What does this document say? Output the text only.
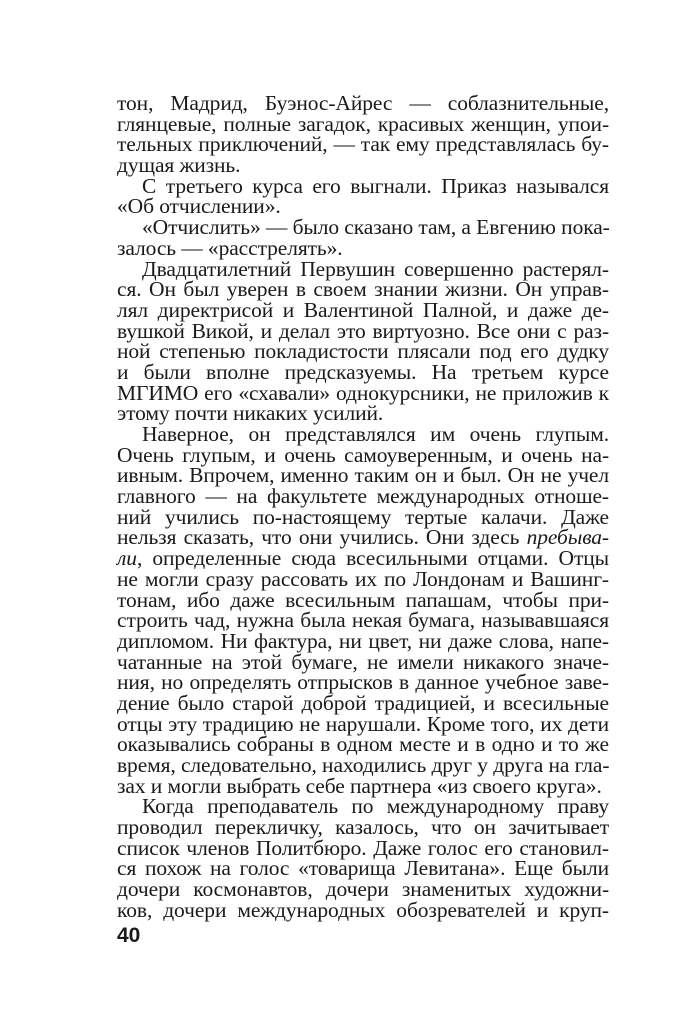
тон, Мадрид, Буэнос-Айрес — соблазнительные,
глянцевые, полные загадок, красивых женщин, упои-
тельных приключений, — так ему представлялась бу-
дущая жизнь.
С третьего курса его выгнали. Приказ назывался
«Об отчислении».
«Отчислить» — было сказано там, а Евгению пока-
залось — «расстрелять».
Двадцатилетний Первушин совершенно растерял-
ся. Он был уверен в своем знании жизни. Он управ-
лял директрисой и Валентиной Палной, и даже де-
вушкой Викой, и делал это виртуозно. Все они с раз-
ной степенью покладистости плясали под его дудку
и были вполне предсказуемы. На третьем курсе
МГИМО его «схавали» однокурсники, не приложив к
этому почти никаких усилий.
Наверное, он представлялся им очень глупым.
Очень глупым, и очень самоуверенным, и очень на-
ивным. Впрочем, именно таким он и был. Он не учел
главного — на факультете международных отноше-
ний учились по-настоящему тертые калачи. Даже
нельзя сказать, что они учились. Они здесь пребыва-
ли, определенные сюда всесильными отцами. Отцы
не могли сразу рассовать их по Лондонам и Вашинг-
тонам, ибо даже всесильным папашам, чтобы при-
строить чад, нужна была некая бумага, называвшаяся
дипломом. Ни фактура, ни цвет, ни даже слова, напе-
чатанные на этой бумаге, не имели никакого значе-
ния, но определять отпрысков в данное учебное заве-
дение было старой доброй традицией, и всесильные
отцы эту традицию не нарушали. Кроме того, их дети
оказывались собраны в одном месте и в одно и то же
время, следовательно, находились друг у друга на гла-
зах и могли выбрать себе партнера «из своего круга».
Когда преподаватель по международному праву
проводил перекличку, казалось, что он зачитывает
список членов Политбюро. Даже голос его становил-
ся похож на голос «товарища Левитана». Еще были
дочери космонавтов, дочери знаменитых художни-
ков, дочери международных обозревателей и круп-
40
